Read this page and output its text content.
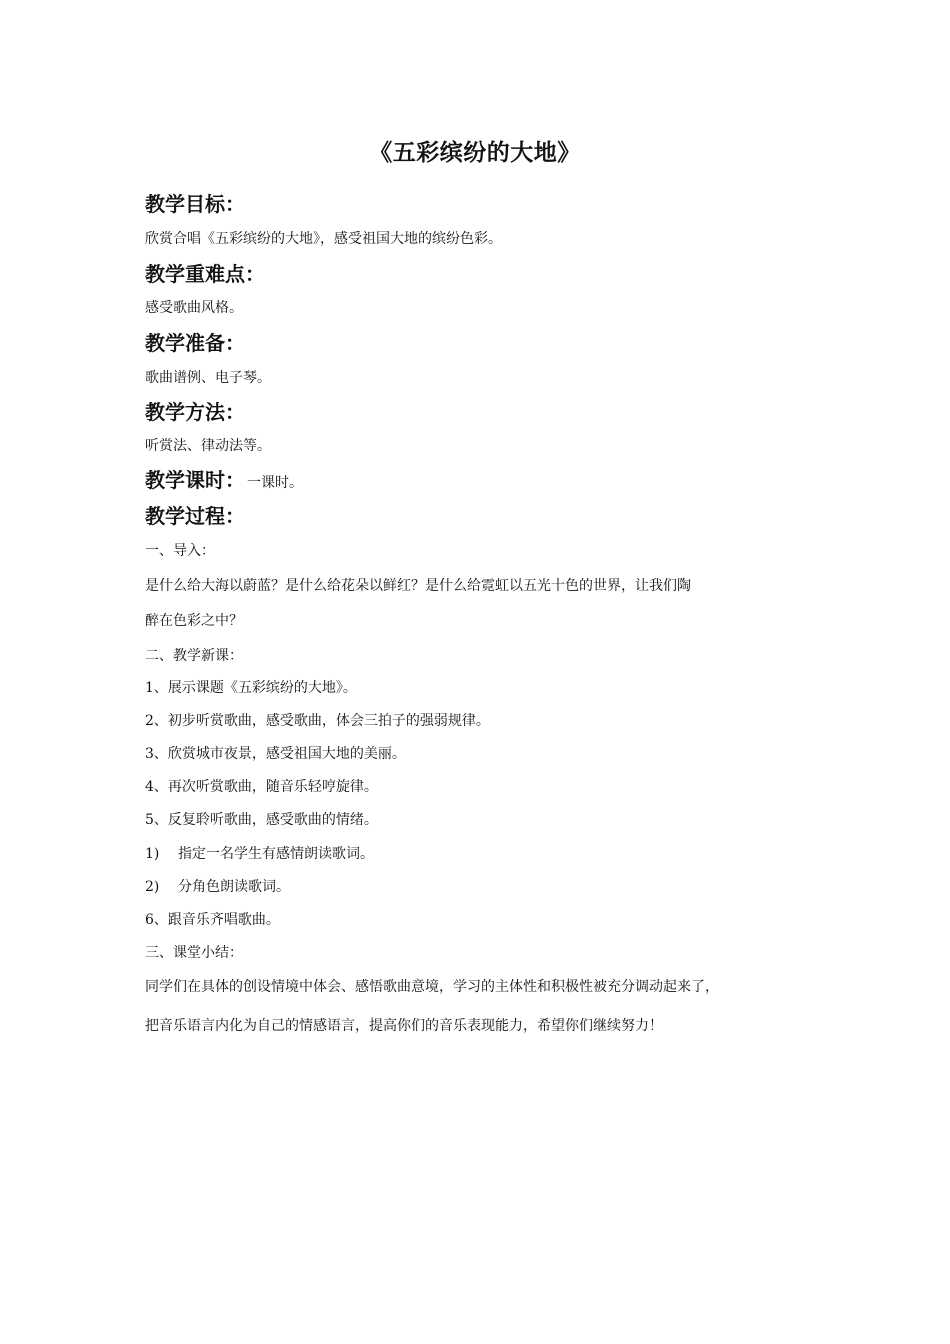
《五彩缤纷的大地》
教学目标：

欣赏合唱《五彩缤纷的大地》，感受祖国大地的缤纷色彩。

教学重难点：

感受歌曲风格。

教学准备：

歌曲谱例、电子琴。

教学方法：

听赏法、律动法等。

教学课时： 一课时。
教学过程：

一、导入：

是什么给大海以蔚蓝？是什么给花朵以鲜红？是什么给霓虹以五光十色的世界，让我们陶

醉在色彩之中？

二、教学新课：

1、展示课题《五彩缤纷的大地》。

2、初步听赏歌曲，感受歌曲，体会三拍子的强弱规律。

3、欣赏城市夜景，感受祖国大地的美丽。

4、再次听赏歌曲，随音乐轻哼旋律。

5、反复聆听歌曲，感受歌曲的情绪。

1) 指定一名学生有感情朗读歌词。

2) 分角色朗读歌词。

6、跟音乐齐唱歌曲。

三、课堂小结：

同学们在具体的创设情境中体会、感悟歌曲意境，学习的主体性和积极性被充分调动起来了，

把音乐语言内化为自己的情感语言，提高你们的音乐表现能力，希望你们继续努力！
